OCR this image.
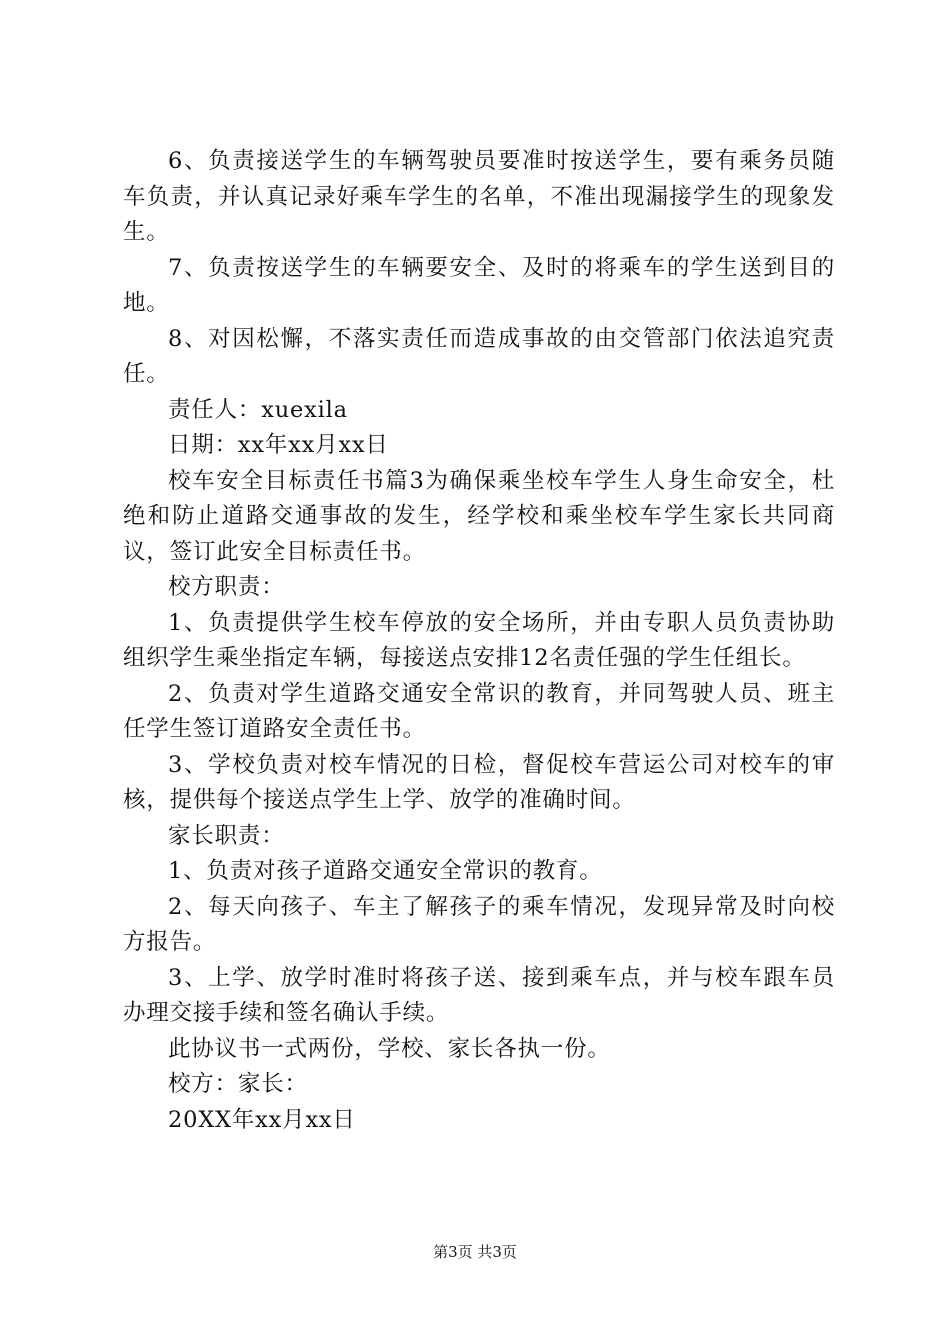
6、负责接送学生的车辆驾驶员要准时按送学生，要有乘务员随车负责，并认真记录好乘车学生的名单，不准出现漏接学生的现象发生。

7、负责按送学生的车辆要安全、及时的将乘车的学生送到目的地。

8、对因松懈，不落实责任而造成事故的由交管部门依法追究责任。

责任人：xuexila

日期：xx年xx月xx日

校车安全目标责任书篇3为确保乘坐校车学生人身生命安全，杜绝和防止道路交通事故的发生，经学校和乘坐校车学生家长共同商议，签订此安全目标责任书。

校方职责：

1、负责提供学生校车停放的安全场所，并由专职人员负责协助组织学生乘坐指定车辆，每接送点安排12名责任强的学生任组长。

2、负责对学生道路交通安全常识的教育，并同驾驶人员、班主任学生签订道路安全责任书。

3、学校负责对校车情况的日检，督促校车营运公司对校车的审核，提供每个接送点学生上学、放学的准确时间。

家长职责：

1、负责对孩子道路交通安全常识的教育。

2、每天向孩子、车主了解孩子的乘车情况，发现异常及时向校方报告。

3、上学、放学时准时将孩子送、接到乘车点，并与校车跟车员办理交接手续和签名确认手续。

此协议书一式两份，学校、家长各执一份。

校方：家长：

20XX年xx月xx日

第3页 共3页
